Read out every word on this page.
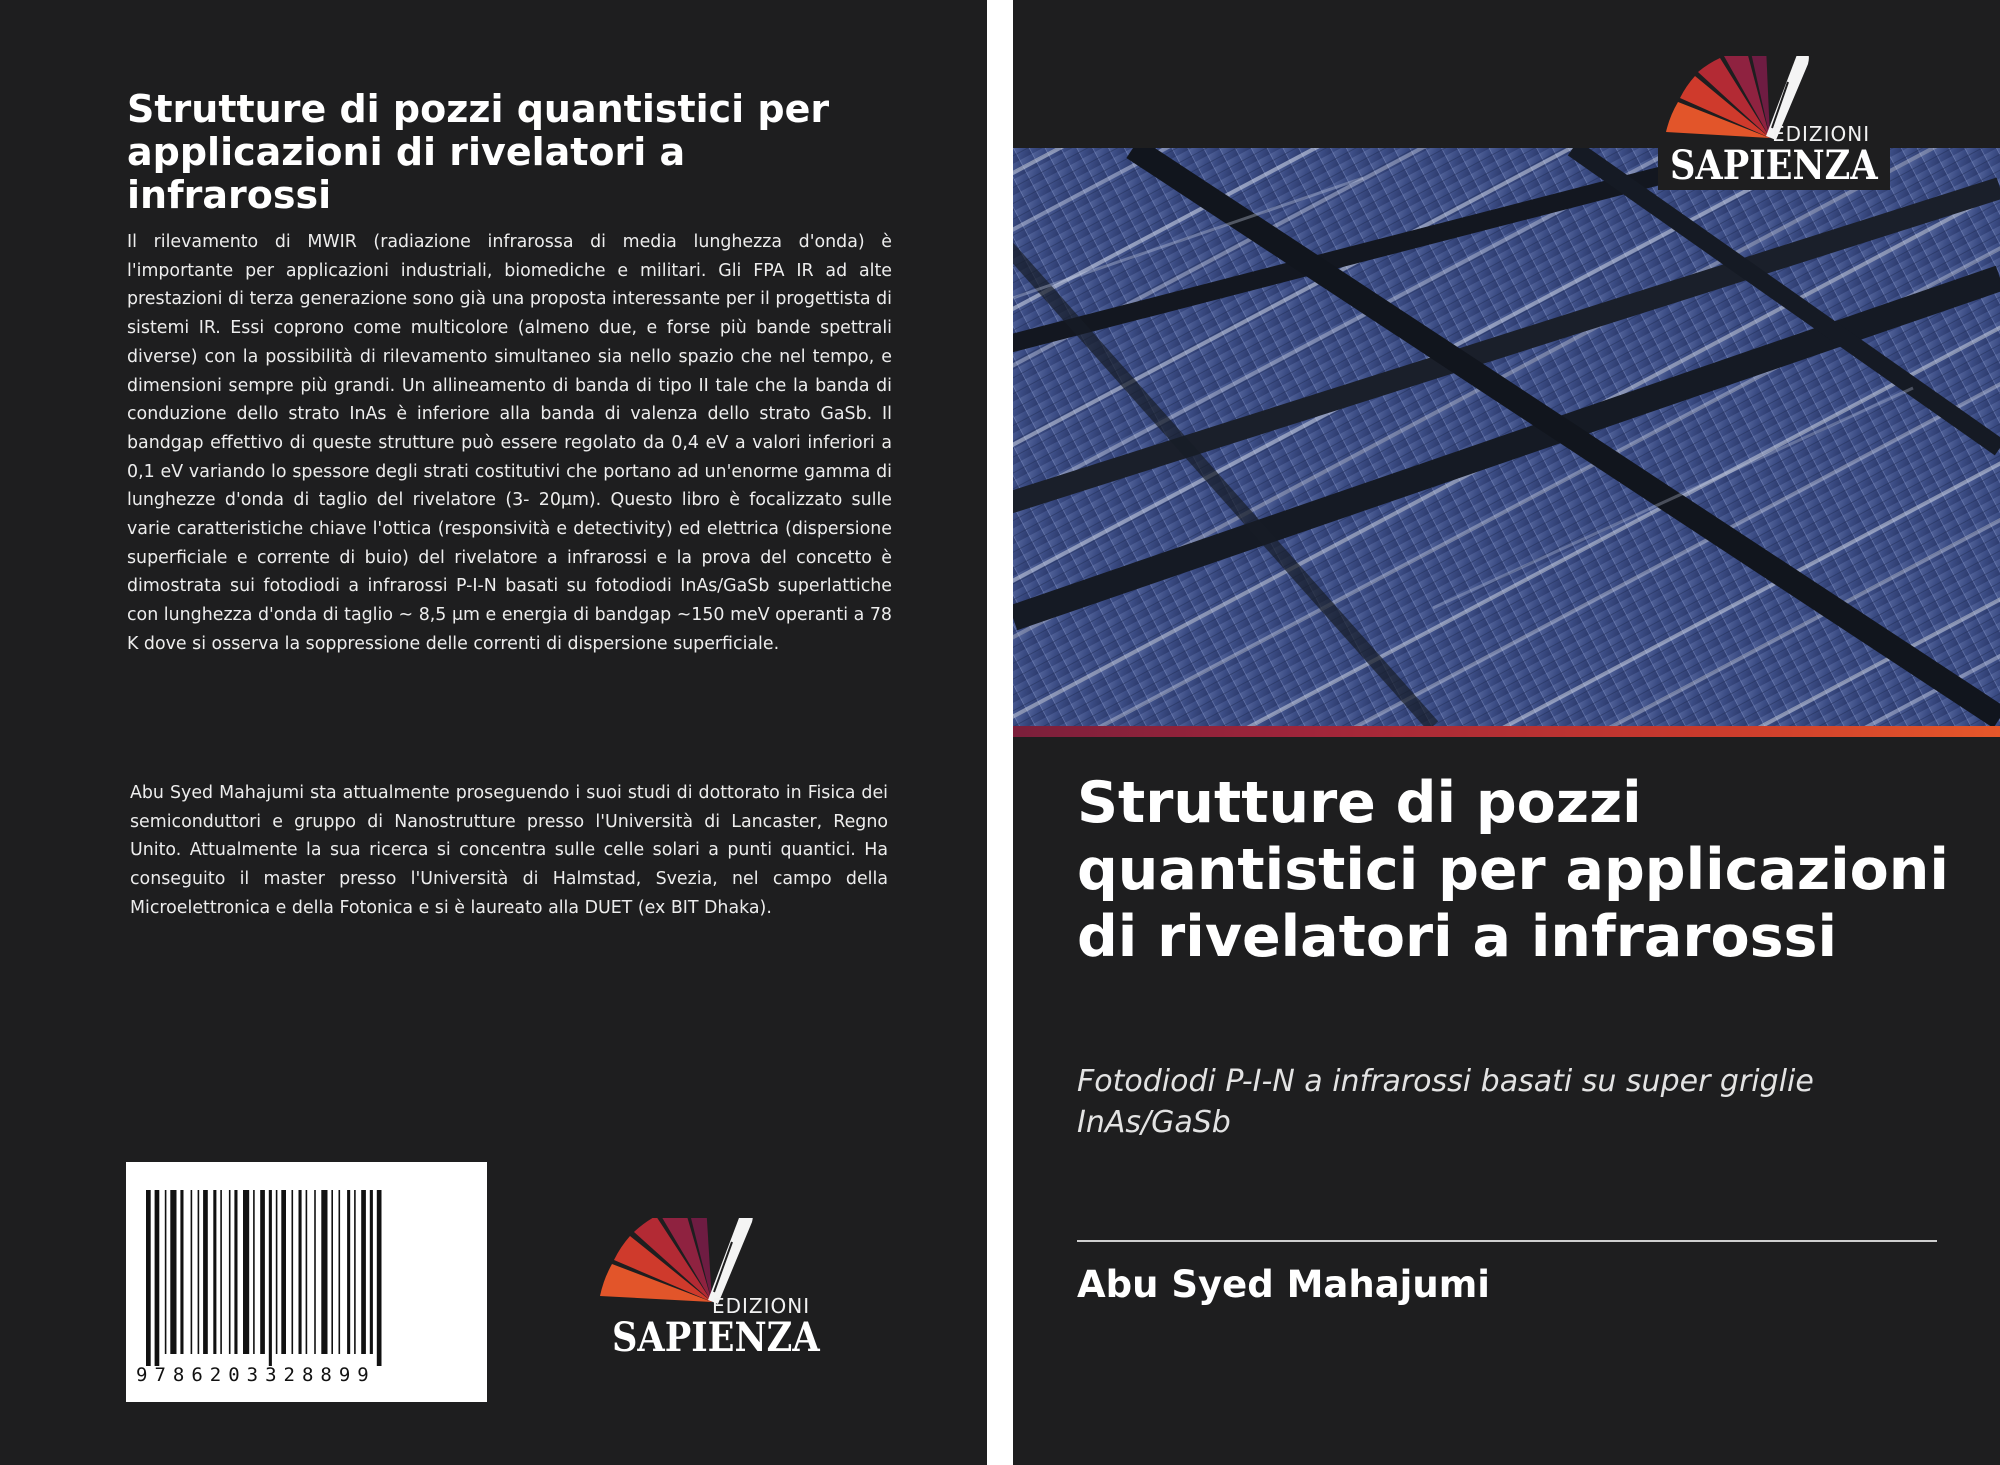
Strutture di pozzi quantistici per applicazioni di rivelatori a infrarossi

Il rilevamento di MWIR (radiazione infrarossa di media lunghezza d'onda) è l'importante per applicazioni industriali, biomediche e militari. Gli FPA IR ad alte prestazioni di terza generazione sono già una proposta interessante per il progettista di sistemi IR. Essi coprono come multicolore (almeno due, e forse più bande spettrali diverse) con la possibilità di rilevamento simultaneo sia nello spazio che nel tempo, e dimensioni sempre più grandi. Un allineamento di banda di tipo II tale che la banda di conduzione dello strato InAs è inferiore alla banda di valenza dello strato GaSb. Il bandgap effettivo di queste strutture può essere regolato da 0,4 eV a valori inferiori a 0,1 eV variando lo spessore degli strati costitutivi che portano ad un'enorme gamma di lunghezze d'onda di taglio del rivelatore (3- 20μm). Questo libro è focalizzato sulle varie caratteristiche chiave l'ottica (responsività e detectivity) ed elettrica (dispersione superficiale e corrente di buio) del rivelatore a infrarossi e la prova del concetto è dimostrata sui fotodiodi a infrarossi P-I-N basati su fotodiodi InAs/GaSb superlattiche con lunghezza d'onda di taglio ~ 8,5 μm e energia di bandgap ~150 meV operanti a 78 K dove si osserva la soppressione delle correnti di dispersione superficiale.

Abu Syed Mahajumi sta attualmente proseguendo i suoi studi di dottorato in Fisica dei semiconduttori e gruppo di Nanostrutture presso l'Università di Lancaster, Regno Unito. Attualmente la sua ricerca si concentra sulle celle solari a punti quantici. Ha conseguito il master presso l'Università di Halmstad, Svezia, nel campo della Microelettronica e della Fotonica e si è laureato alla DUET (ex BIT Dhaka).

9786203328899
EDIZIONI
SAPIENZA
EDIZIONI
SAPIENZA
Strutture di pozzi quantistici per applicazioni di rivelatori a infrarossi

Fotodiodi P-I-N a infrarossi basati su super griglie InAs/GaSb

Abu Syed Mahajumi
